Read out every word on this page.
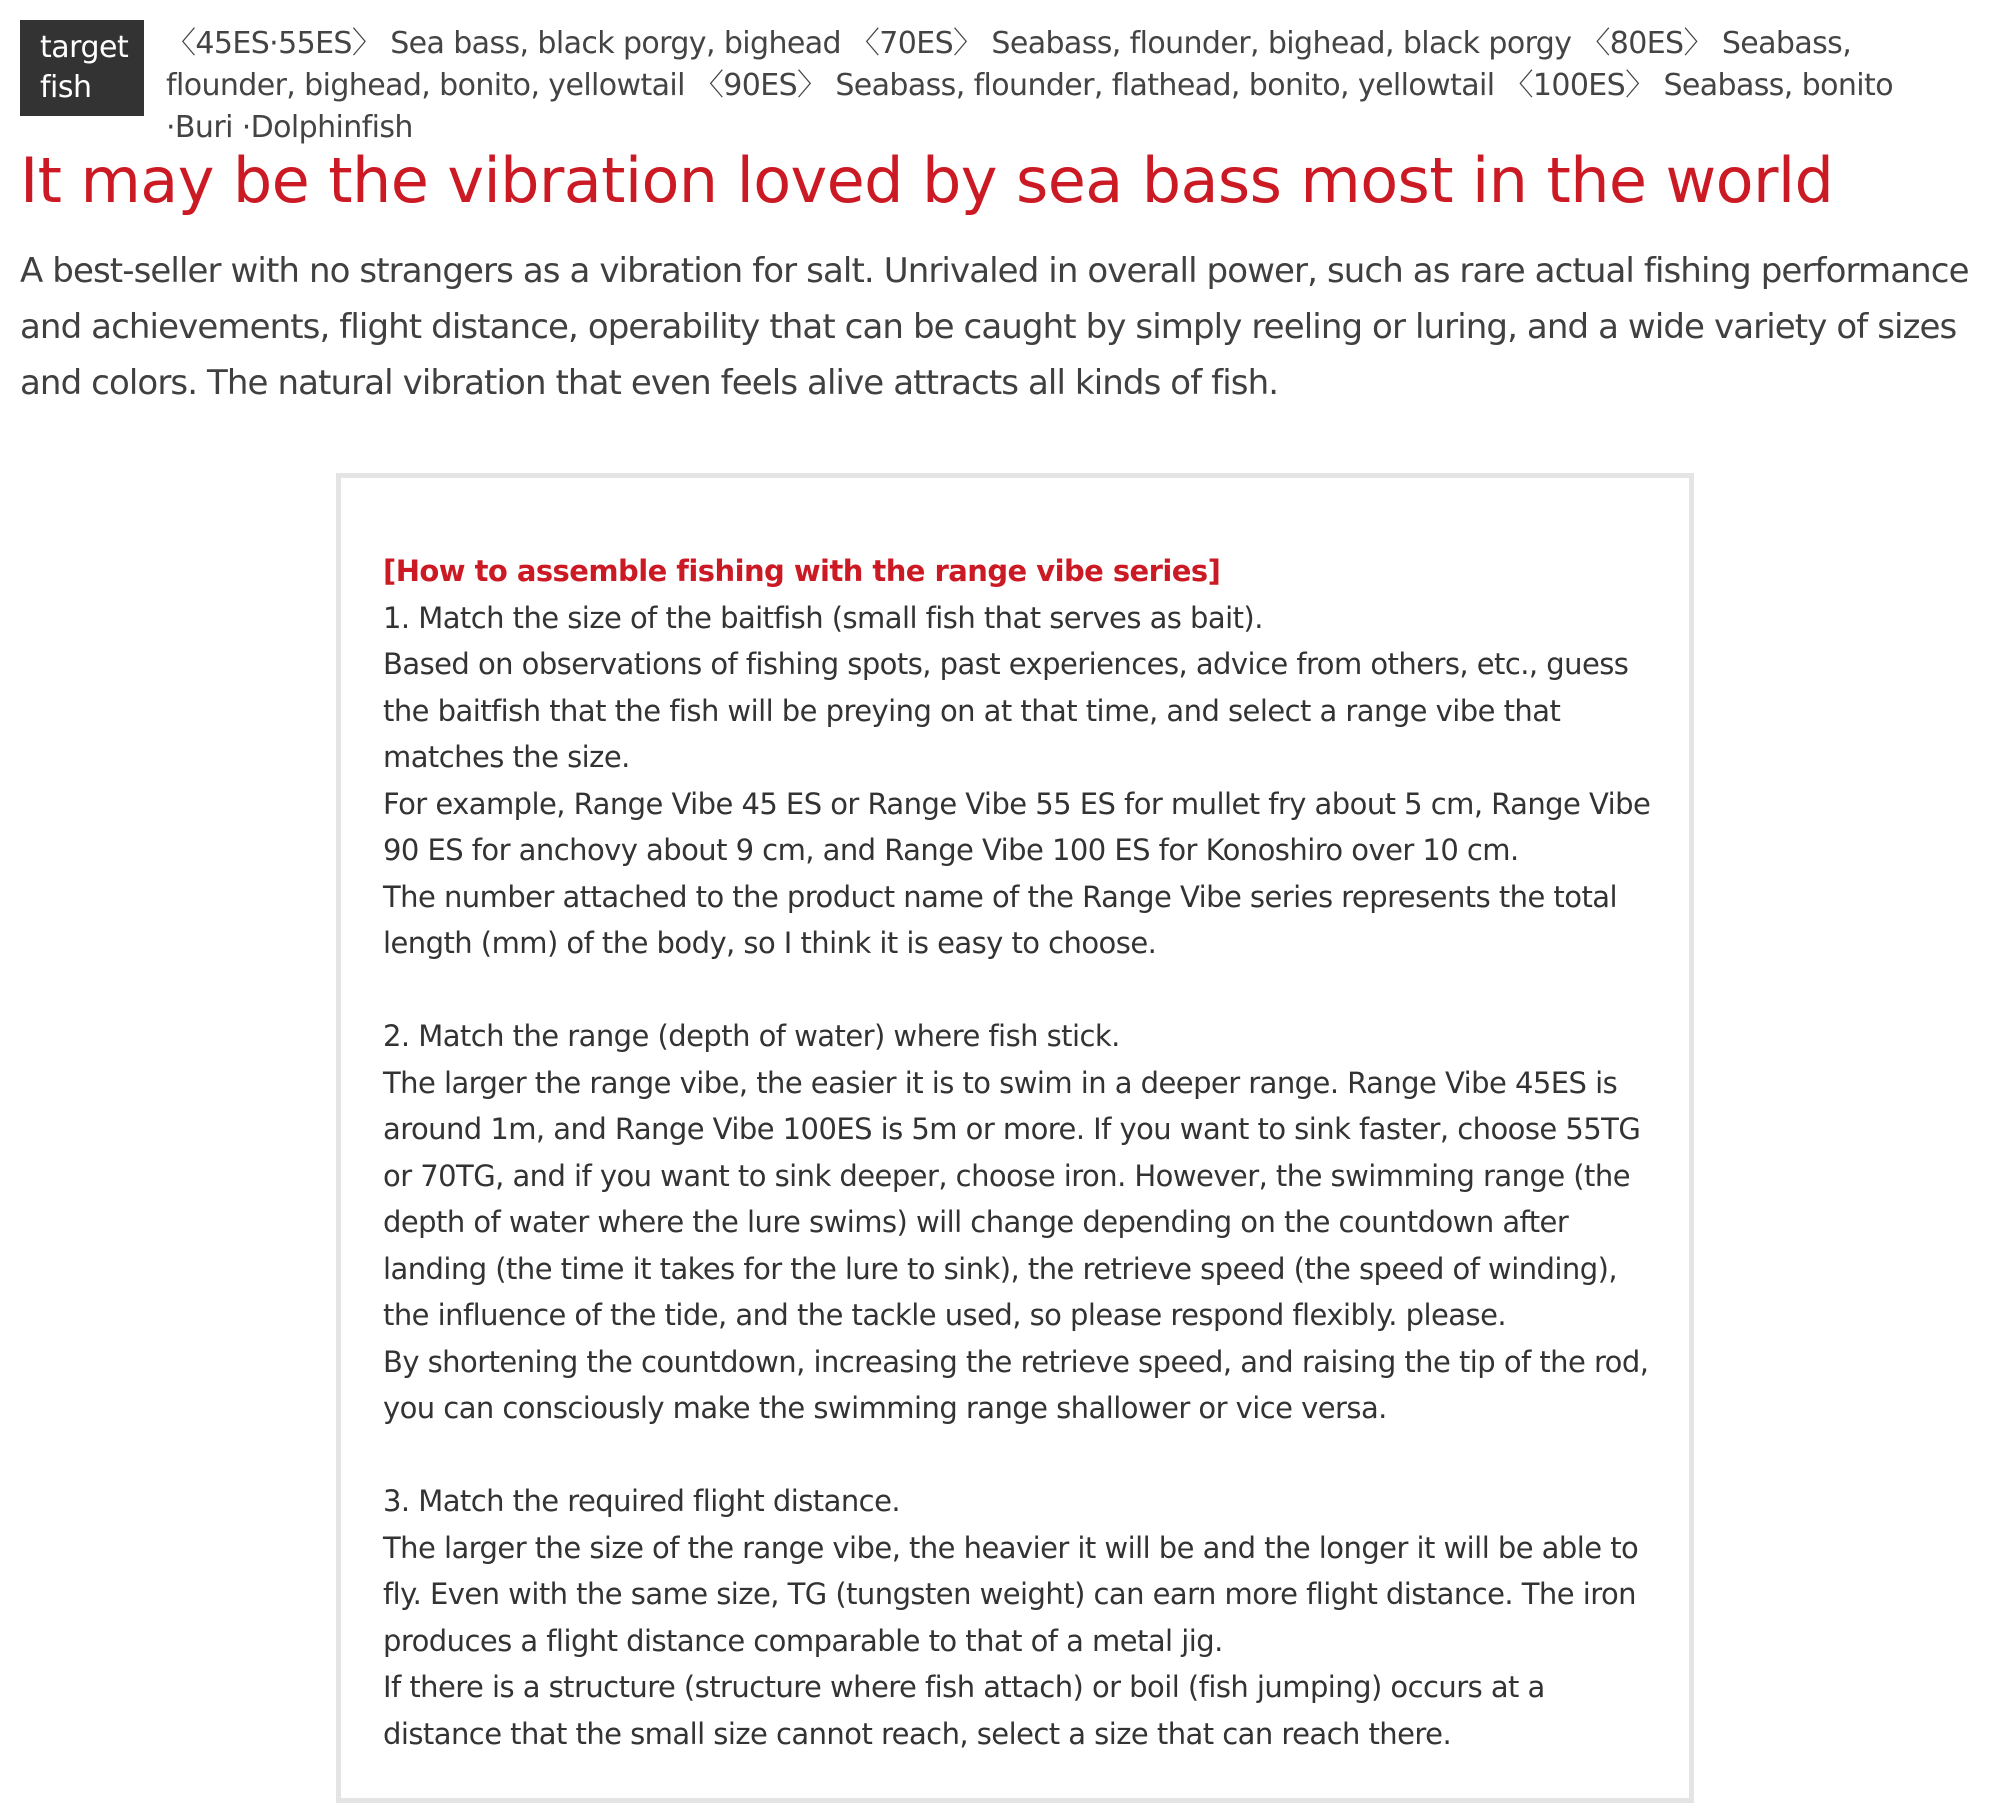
target fish

〈45ES·55ES〉 Sea bass, black porgy, bighead 〈70ES〉 Seabass, flounder, bighead, black porgy 〈80ES〉 Seabass, flounder, bighead, bonito, yellowtail 〈90ES〉 Seabass, flounder, flathead, bonito, yellowtail 〈100ES〉 Seabass, bonito ·Buri ·Dolphinfish

It may be the vibration loved by sea bass most in the world

A best-seller with no strangers as a vibration for salt. Unrivaled in overall power, such as rare actual fishing performance and achievements, flight distance, operability that can be caught by simply reeling or luring, and a wide variety of sizes and colors. The natural vibration that even feels alive attracts all kinds of fish.

[How to assemble fishing with the range vibe series]

1. Match the size of the baitfish (small fish that serves as bait).

Based on observations of fishing spots, past experiences, advice from others, etc., guess the baitfish that the fish will be preying on at that time, and select a range vibe that matches the size.

For example, Range Vibe 45 ES or Range Vibe 55 ES for mullet fry about 5 cm, Range Vibe 90 ES for anchovy about 9 cm, and Range Vibe 100 ES for Konoshiro over 10 cm.

The number attached to the product name of the Range Vibe series represents the total length (mm) of the body, so I think it is easy to choose.

2. Match the range (depth of water) where fish stick.

The larger the range vibe, the easier it is to swim in a deeper range. Range Vibe 45ES is around 1m, and Range Vibe 100ES is 5m or more. If you want to sink faster, choose 55TG or 70TG, and if you want to sink deeper, choose iron. However, the swimming range (the depth of water where the lure swims) will change depending on the countdown after landing (the time it takes for the lure to sink), the retrieve speed (the speed of winding), the influence of the tide, and the tackle used, so please respond flexibly. please.

By shortening the countdown, increasing the retrieve speed, and raising the tip of the rod, you can consciously make the swimming range shallower or vice versa.

3. Match the required flight distance.

The larger the size of the range vibe, the heavier it will be and the longer it will be able to fly. Even with the same size, TG (tungsten weight) can earn more flight distance. The iron produces a flight distance comparable to that of a metal jig.

If there is a structure (structure where fish attach) or boil (fish jumping) occurs at a distance that the small size cannot reach, select a size that can reach there.
